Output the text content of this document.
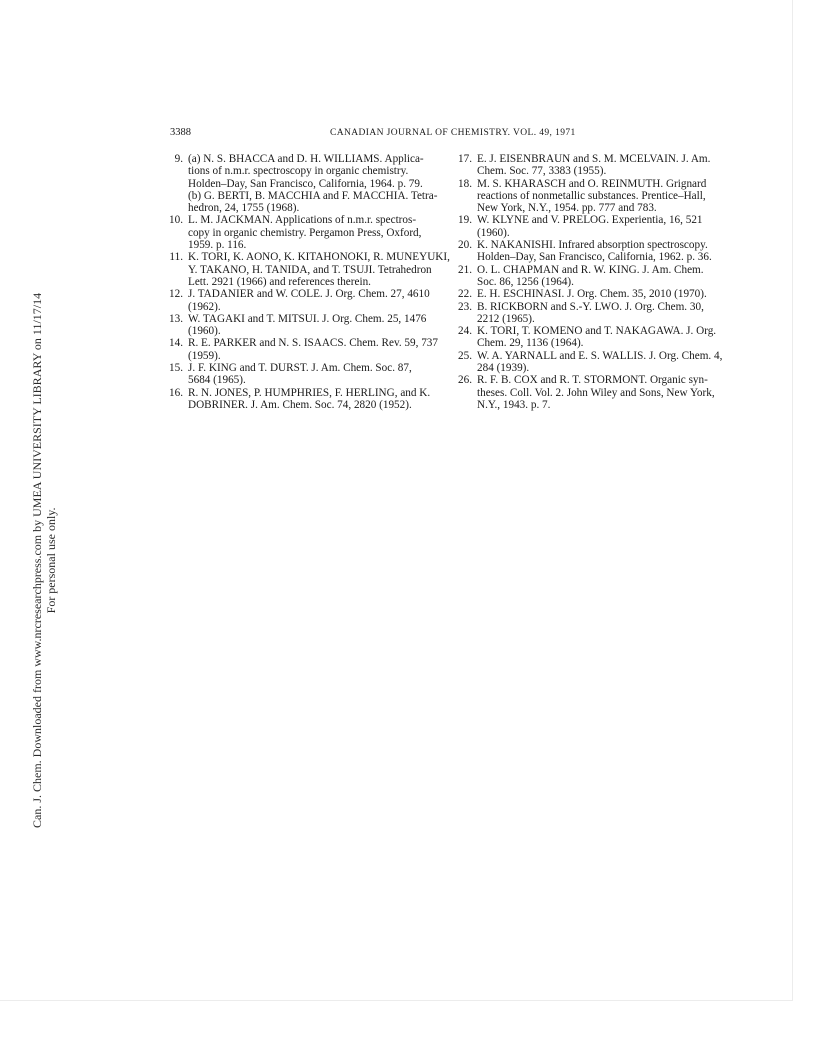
Can. J. Chem. Downloaded from www.nrcresearchpress.com by UMEA UNIVERSITY LIBRARY on 11/17/14 For personal use only.
3388	CANADIAN JOURNAL OF CHEMISTRY. VOL. 49, 1971
9. (a) N. S. BHACCA and D. H. WILLIAMS. Applica-
tions of n.m.r. spectroscopy in organic chemistry.
Holden–Day, San Francisco, California, 1964. p. 79.
(b) G. BERTI, B. MACCHIA and F. MACCHIA. Tetra-
hedron, 24, 1755 (1968).
10. L. M. JACKMAN. Applications of n.m.r. spectros-
copy in organic chemistry. Pergamon Press, Oxford,
1959. p. 116.
11. K. TORI, K. AONO, K. KITAHONOKI, R. MUNEYUKI,
Y. TAKANO, H. TANIDA, and T. TSUJI. Tetrahedron
Lett. 2921 (1966) and references therein.
12. J. TADANIER and W. COLE. J. Org. Chem. 27, 4610
(1962).
13. W. TAGAKI and T. MITSUI. J. Org. Chem. 25, 1476
(1960).
14. R. E. PARKER and N. S. ISAACS. Chem. Rev. 59, 737
(1959).
15. J. F. KING and T. DURST. J. Am. Chem. Soc. 87,
5684 (1965).
16. R. N. JONES, P. HUMPHRIES, F. HERLING, and K.
DOBRINER. J. Am. Chem. Soc. 74, 2820 (1952).
17. E. J. EISENBRAUN and S. M. MCELVAIN. J. Am.
Chem. Soc. 77, 3383 (1955).
18. M. S. KHARASCH and O. REINMUTH. Grignard
reactions of nonmetallic substances. Prentice–Hall,
New York, N.Y., 1954. pp. 777 and 783.
19. W. KLYNE and V. PRELOG. Experientia, 16, 521
(1960).
20. K. NAKANISHI. Infrared absorption spectroscopy.
Holden–Day, San Francisco, California, 1962. p. 36.
21. O. L. CHAPMAN and R. W. KING. J. Am. Chem.
Soc. 86, 1256 (1964).
22. E. H. ESCHINASI. J. Org. Chem. 35, 2010 (1970).
23. B. RICKBORN and S.-Y. LWO. J. Org. Chem. 30,
2212 (1965).
24. K. TORI, T. KOMENO and T. NAKAGAWA. J. Org.
Chem. 29, 1136 (1964).
25. W. A. YARNALL and E. S. WALLIS. J. Org. Chem. 4,
284 (1939).
26. R. F. B. COX and R. T. STORMONT. Organic syn-
theses. Coll. Vol. 2. John Wiley and Sons, New York,
N.Y., 1943. p. 7.
